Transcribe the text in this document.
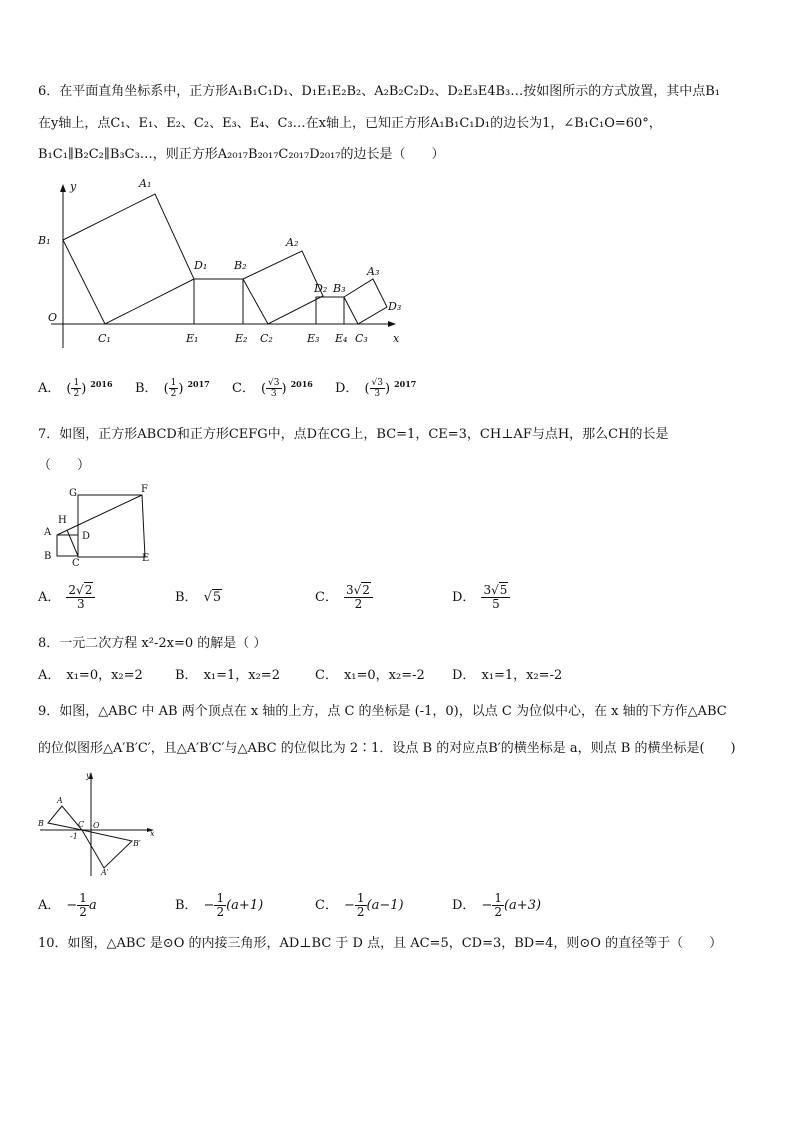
6．在平面直角坐标系中，正方形A₁B₁C₁D₁、D₁E₁E₂B₂、A₂B₂C₂D₂、D₂E₃E4B₃…按如图所示的方式放置，其中点B₁
在y轴上，点C₁、E₁、E₂、C₂、E₃、E₄、C₃…在x轴上，已知正方形A₁B₁C₁D₁的边长为1，∠B₁C₁O=60°，
B₁C₁∥B₂C₂∥B₃C₃…，则正方形A₂₀₁₇B₂₀₁₇C₂₀₁₇D₂₀₁₇的边长是（　　）
y
x
O
B₁
A₁
D₁ B₂
A₂
D₂ B₃
A₃
D₃
C₁	E₁	E₂ C₂	E₃ E₄ C₃
A． ( $\frac{1}{2}$ ) $^{2016}$ B． ( $\frac{1}{2}$ ) $^{2017}$ C． ( $\frac{√3}{3}$ ) $^{2016}$ D． ( $\frac{√3}{3}$ ) $^{2017}$
7．如图，正方形ABCD和正方形CEFG中，点D在CG上，BC=1，CE=3，CH⊥AF与点H，那么CH的长是
（　　）
G	F
H
A	D
B
C	E
A． $\frac{2√2}{3}$	B． √5	C． $\frac{3√2}{2}$	D． $\frac{3√5}{5}$
8．一元二次方程 x²-2x=0 的解是（ ）
A． x₁=0，x₂=2 B． x₁=1，x₂=2	C． x₁=0，x₂=-2 D． x₁=1，x₂=-2
9．如图，△ABC 中 AB 两个顶点在 x 轴的上方，点 C 的坐标是 (-1，0)，以点 C 为位似中心，在 x 轴的下方作△ABC
的位似图形△A′B′C′，且△A′B′C′与△ABC 的位似比为 2∶1．设点 B 的对应点B′的横坐标是 a，则点 B 的横坐标是(　　)
y
x
A
B	C O
-1
B′
A′
A． − $\frac{1}{2}$ a	B． − $\frac{1}{2} (a+1)$	C． − $\frac{1}{2} (a-1)$	D． − $\frac{1}{2} (a+3)$
10．如图，△ABC 是⊙O 的内接三角形，AD⊥BC 于 D 点，且 AC=5，CD=3，BD=4，则⊙O 的直径等于（　　）
